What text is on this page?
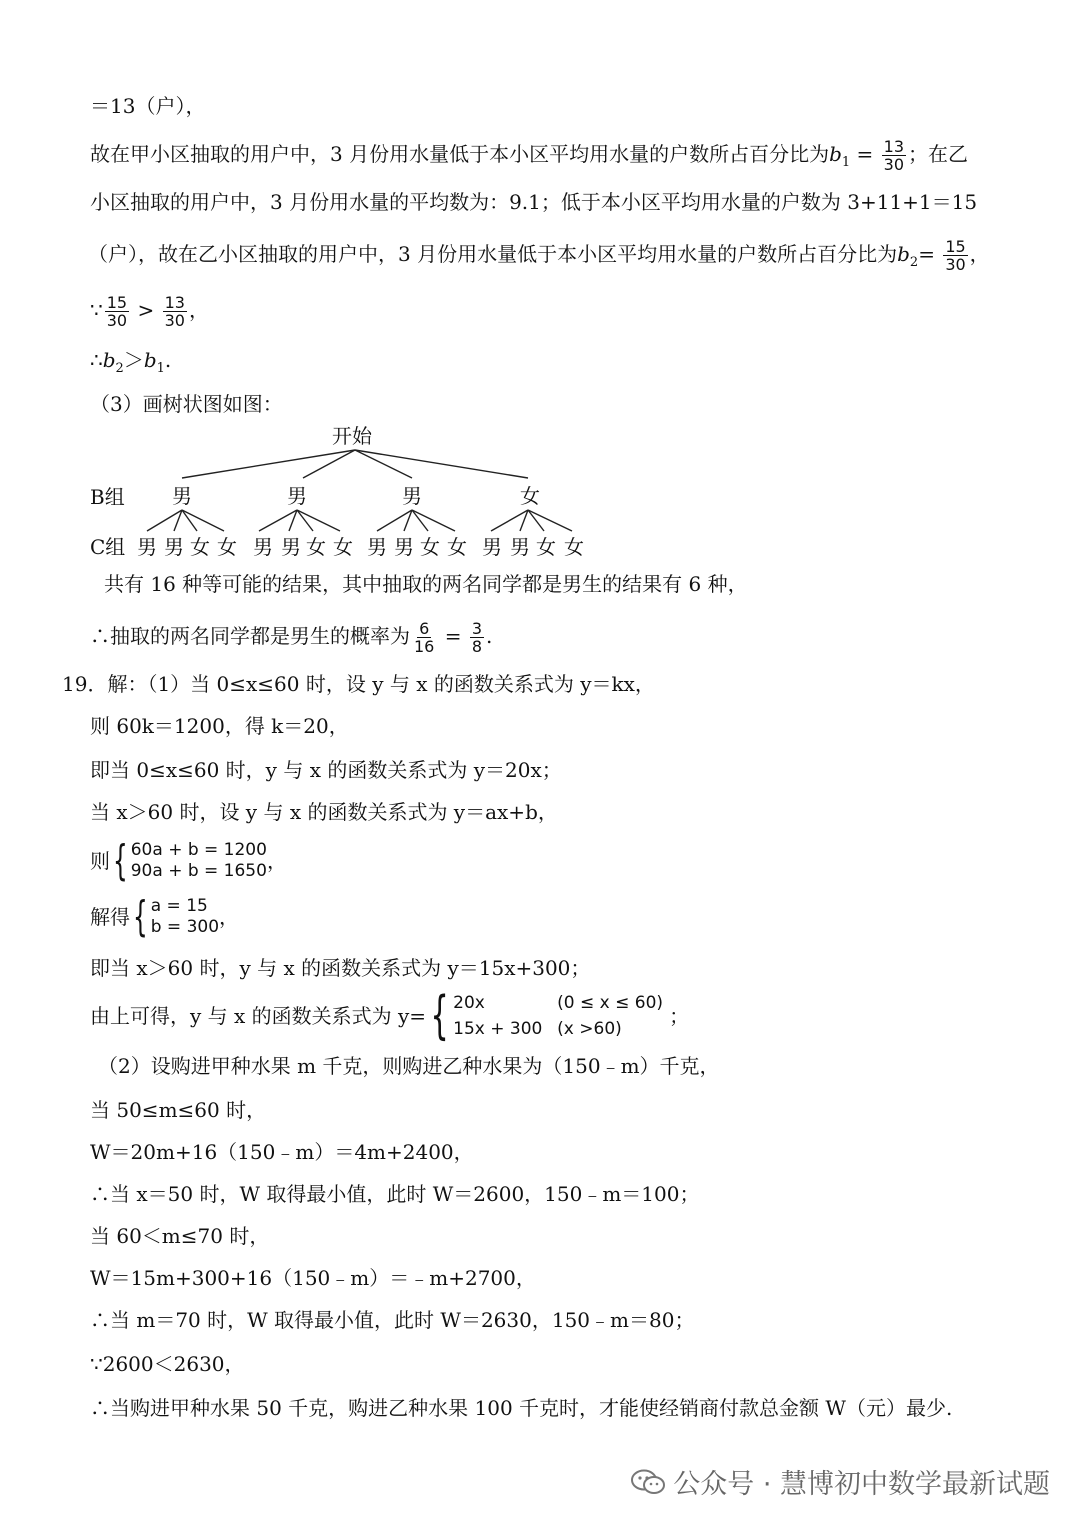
＝13（户），
故在甲小区抽取的用户中，3 月份用水量低于本小区平均用水量的户数所占百分比为$b_1 = \frac{13}{30}$ ；在乙
小区抽取的用户中，3 月份用水量的平均数为：9.1；低于本小区平均用水量的户数为 3+11+1＝15
（户），故在乙小区抽取的用户中，3 月份用水量低于本小区平均用水量的户数所占百分比为$b_2= \frac{15}{30}$ ，
∵ $\frac{15}{30} > \frac{13}{30}$ ，
$\therefore b_2>b_1$.
（3）画树状图如图：
开始
B组
C组
男	男	男	女
男 男 女 女 男 男 女 女 男 男 女 女 男 男 女 女
共有 16 种等可能的结果，其中抽取的两名同学都是男生的结果有 6 种，
∴抽取的两名同学都是男生的概率为 $\frac{6}{16} = \frac{3}{8}$ .
19．解：（1）当 0≤x≤60 时，设 y 与 x 的函数关系式为 y＝kx，
则 60k＝1200，得 k＝20，
即当 0≤x≤60 时，y 与 x 的函数关系式为 y＝20x；
当 x＞60 时，设 y 与 x 的函数关系式为 y＝ax+b，
则 { 60a + b = 1200
90a + b = 1650 ，
解得 { a = 15
b = 300 ，
即当 x＞60 时，y 与 x 的函数关系式为 y＝15x+300；
由上可得，y 与 x 的函数关系式为 y= { 20x	(0 ≤ x ≤ 60)
15x + 300 (x >60)
；
（2）设购进甲种水果 m 千克，则购进乙种水果为（150﹣m）千克，
当 50≤m≤60 时，
W＝20m+16（150﹣m）＝4m+2400，
∴当 x＝50 时，W 取得最小值，此时 W＝2600，150﹣m＝100；
当 60＜m≤70 时，
W＝15m+300+16（150﹣m）＝﹣m+2700，
∴当 m＝70 时，W 取得最小值，此时 W＝2630，150﹣m＝80；
∵2600＜2630，
∴当购进甲种水果 50 千克，购进乙种水果 100 千克时，才能使经销商付款总金额 W（元）最少.
公众号 · 慧博初中数学最新试题
